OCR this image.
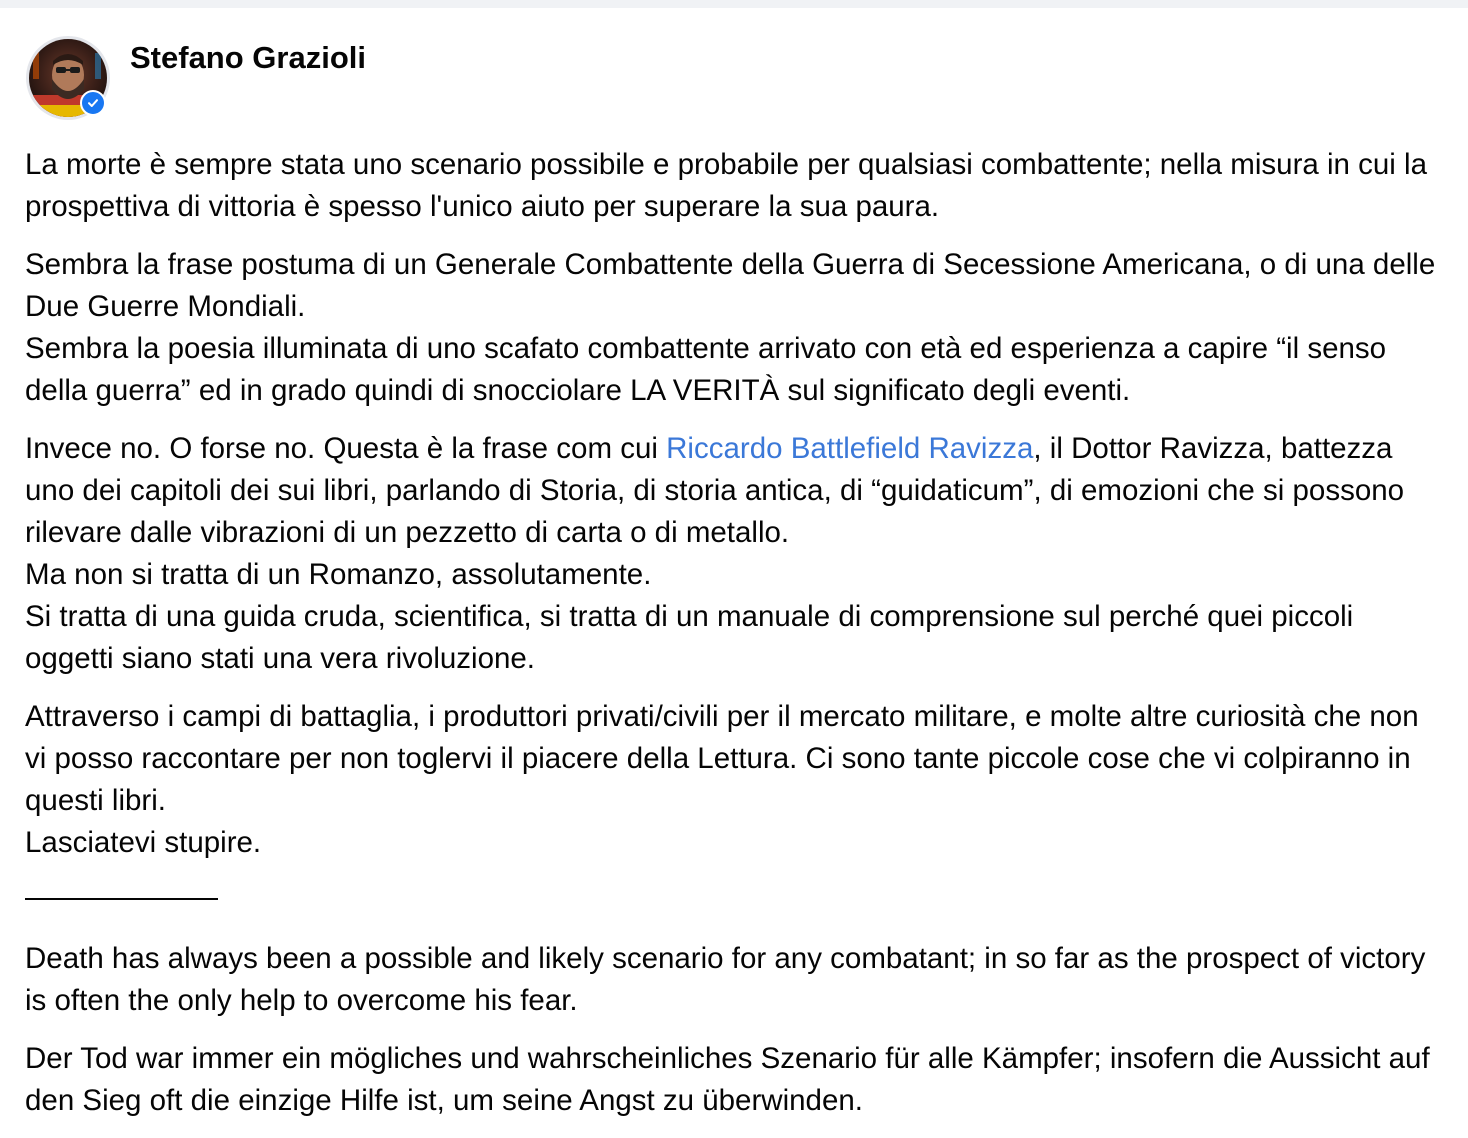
Stefano Grazioli

La morte è sempre stata uno scenario possibile e probabile per qualsiasi combattente; nella misura in cui la prospettiva di vittoria è spesso l'unico aiuto per superare la sua paura.

Sembra la frase postuma di un Generale Combattente della Guerra di Secessione Americana, o di una delle Due Guerre Mondiali.
Sembra la poesia illuminata di uno scafato combattente arrivato con età ed esperienza a capire “il senso della guerra” ed in grado quindi di snocciolare LA VERITÀ sul significato degli eventi.

Invece no. O forse no. Questa è la frase com cui Riccardo Battlefield Ravizza, il Dottor Ravizza, battezza uno dei capitoli dei sui libri, parlando di Storia, di storia antica, di “guidaticum”, di emozioni che si possono rilevare dalle vibrazioni di un pezzetto di carta o di metallo.
Ma non si tratta di un Romanzo, assolutamente.
Si tratta di una guida cruda, scientifica, si tratta di un manuale di comprensione sul perché quei piccoli oggetti siano stati una vera rivoluzione.

Attraverso i campi di battaglia, i produttori privati/civili per il mercato militare, e molte altre curiosità che non vi posso raccontare per non toglervi il piacere della Lettura. Ci sono tante piccole cose che vi colpiranno in questi libri.
Lasciatevi stupire.

Death has always been a possible and likely scenario for any combatant; in so far as the prospect of victory is often the only help to overcome his fear.

Der Tod war immer ein mögliches und wahrscheinliches Szenario für alle Kämpfer; insofern die Aussicht auf den Sieg oft die einzige Hilfe ist, um seine Angst zu überwinden.
